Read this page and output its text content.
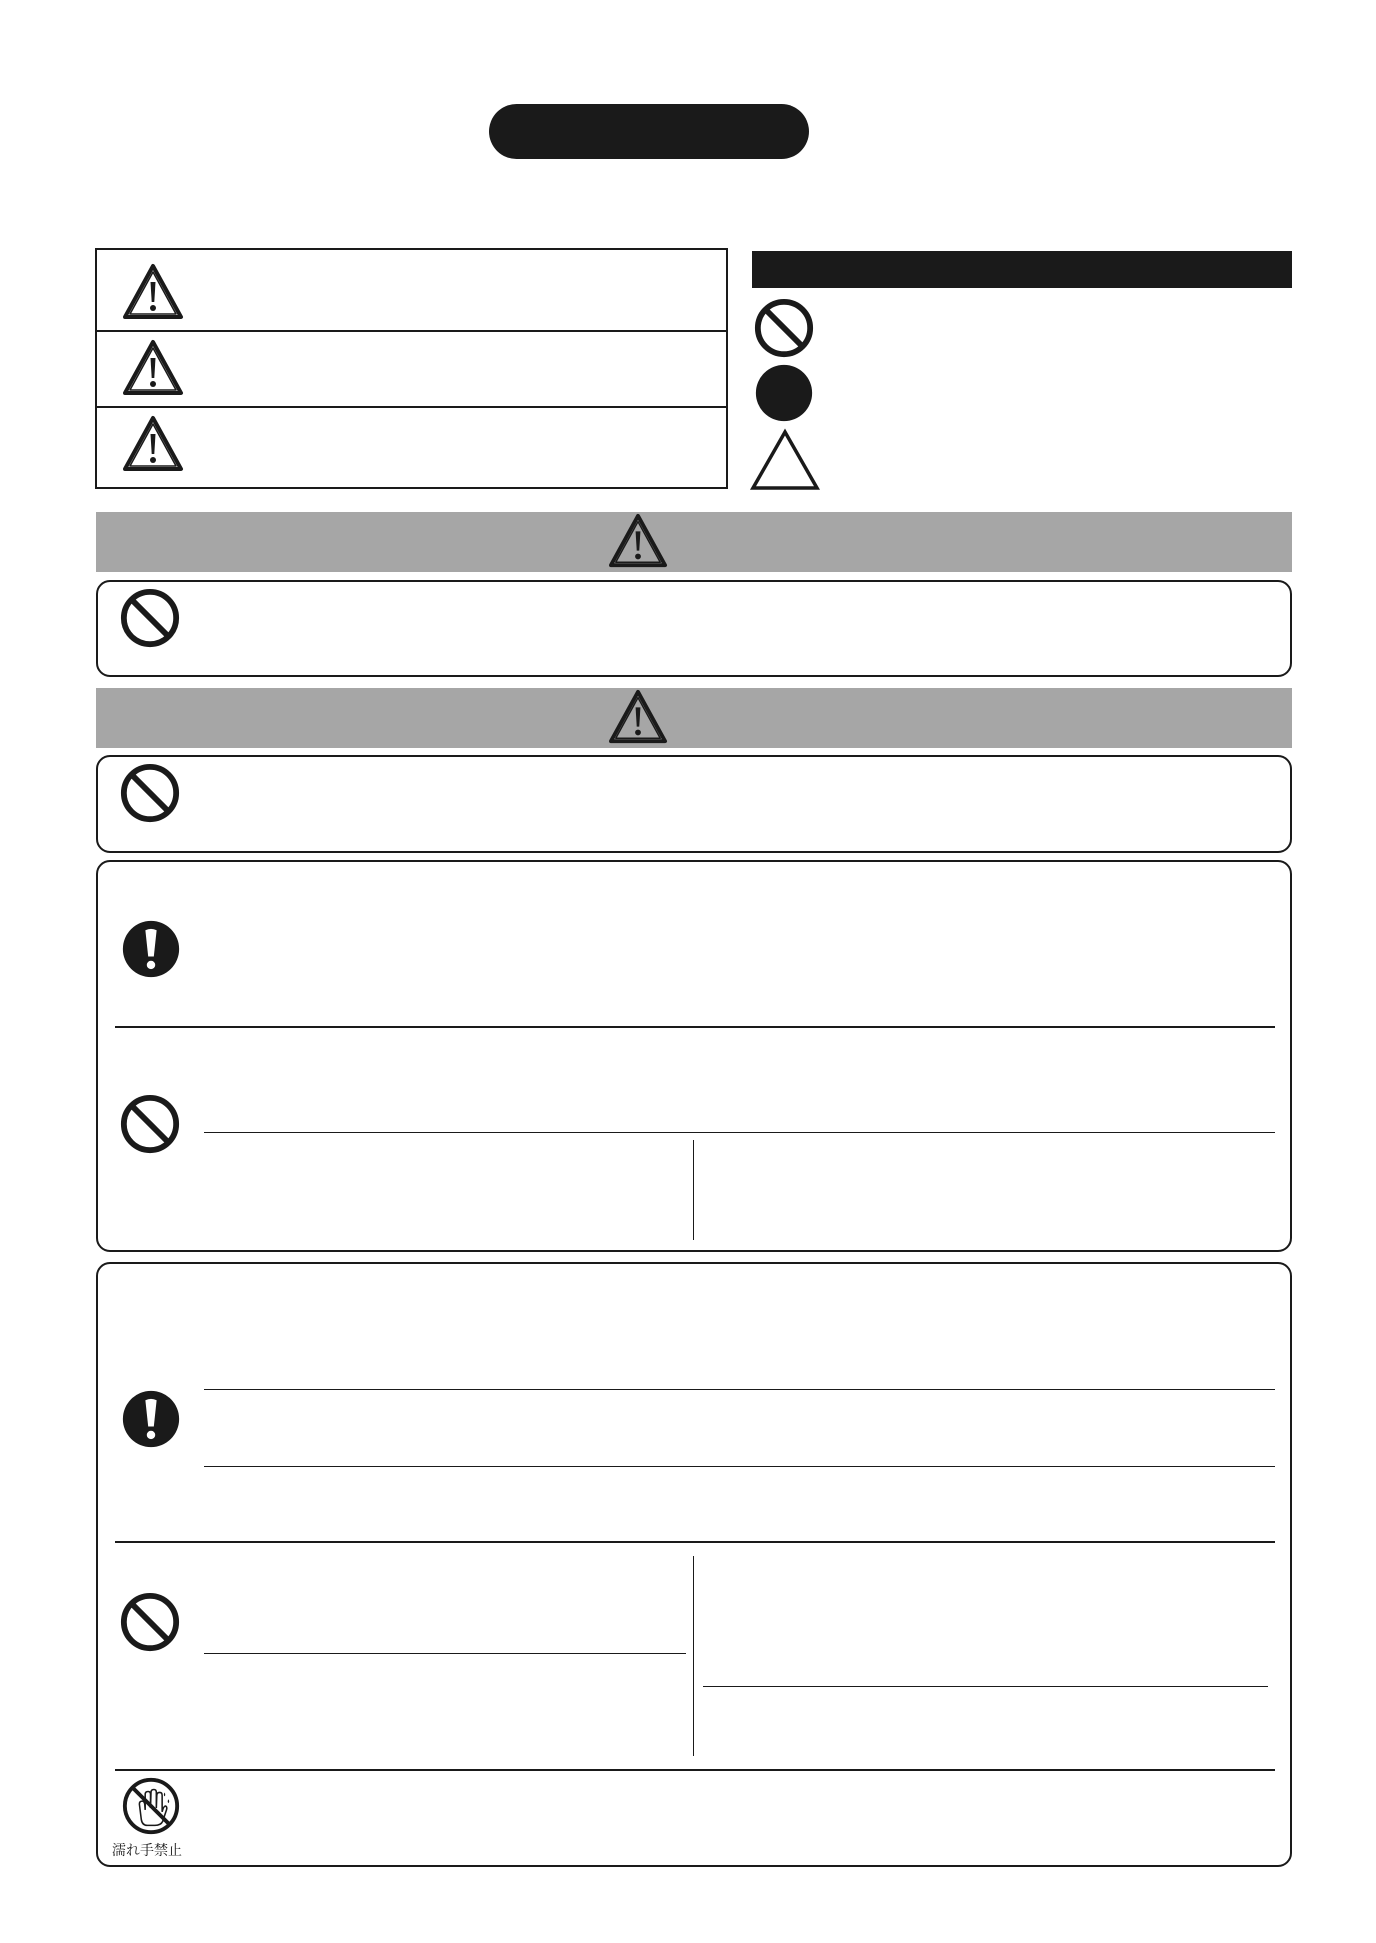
濡れ手禁止
